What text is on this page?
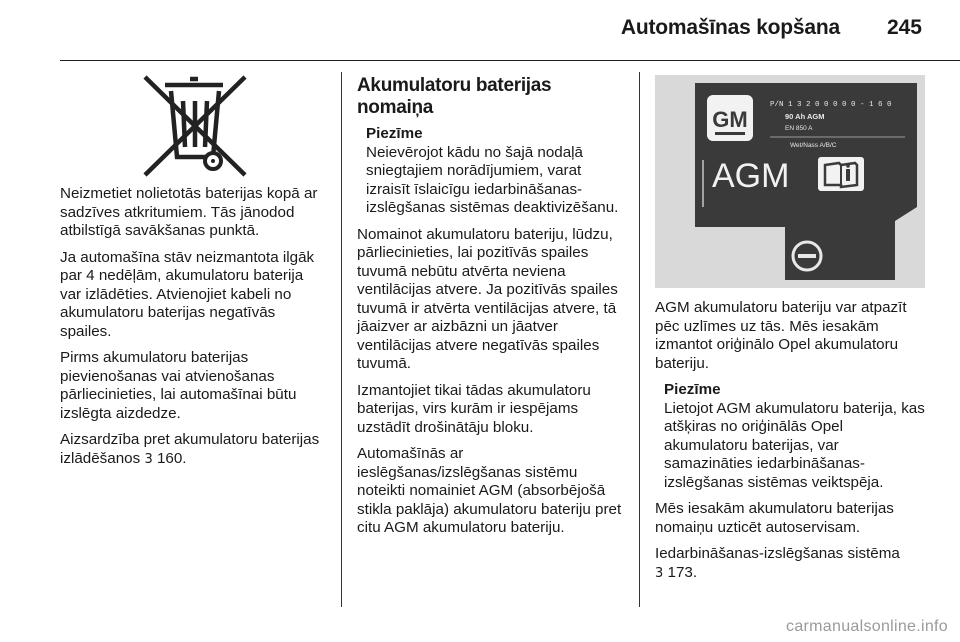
Automašīnas kopšana 245

Neizmetiet nolietotās baterijas kopā ar sadzīves atkritumiem. Tās jānodod atbilstīgā savākšanas punktā.

Ja automašīna stāv neizmantota ilgāk par 4 nedēļām, akumulatoru baterija var izlādēties. Atvienojiet kabeli no akumulatoru baterijas negatīvās spailes.

Pirms akumulatoru baterijas pievienošanas vai atvienošanas pārliecinieties, lai automašīnai būtu izslēgta aizdedze.

Aizsardzība pret akumulatoru baterijas izlādēšanos 3 160.

Akumulatoru baterijas nomaiņa
Piezīme
Neievērojot kādu no šajā nodaļā sniegtajiem norādījumiem, varat izraisīt īslaicīgu iedarbināšanas-izslēgšanas sistēmas deaktivizēšanu.

Nomainot akumulatoru bateriju, lūdzu, pārliecinieties, lai pozitīvās spailes tuvumā nebūtu atvērta neviena ventilācijas atvere. Ja pozitīvās spailes tuvumā ir atvērta ventilācijas atvere, tā jāaizver ar aizbāzni un jāatver ventilācijas atvere negatīvās spailes tuvumā.

Izmantojiet tikai tādas akumulatoru baterijas, virs kurām ir iespējams uzstādīt drošinātāju bloku.

Automašīnās ar ieslēgšanas/izslēgšanas sistēmu noteikti nomainiet AGM (absorbējošā stikla paklāja) akumulatoru bateriju pret citu AGM akumulatoru bateriju.

GM
P/N 1 3 2 0 0 0 0 0 - 1 6 0
90 Ah AGM
EN 850 A
Wet/Nass A/B/C
AGM

AGM akumulatoru bateriju var atpazīt pēc uzlīmes uz tās. Mēs iesakām izmantot oriģinālo Opel akumulatoru bateriju.

Piezīme
Lietojot AGM akumulatoru baterija, kas atšķiras no oriģinālās Opel akumulatoru baterijas, var samazināties iedarbināšanas-izslēgšanas sistēmas veiktspēja.

Mēs iesakām akumulatoru baterijas nomaiņu uzticēt autoservisam.

Iedarbināšanas-izslēgšanas sistēma
3 173.

carmanualsonline.info
